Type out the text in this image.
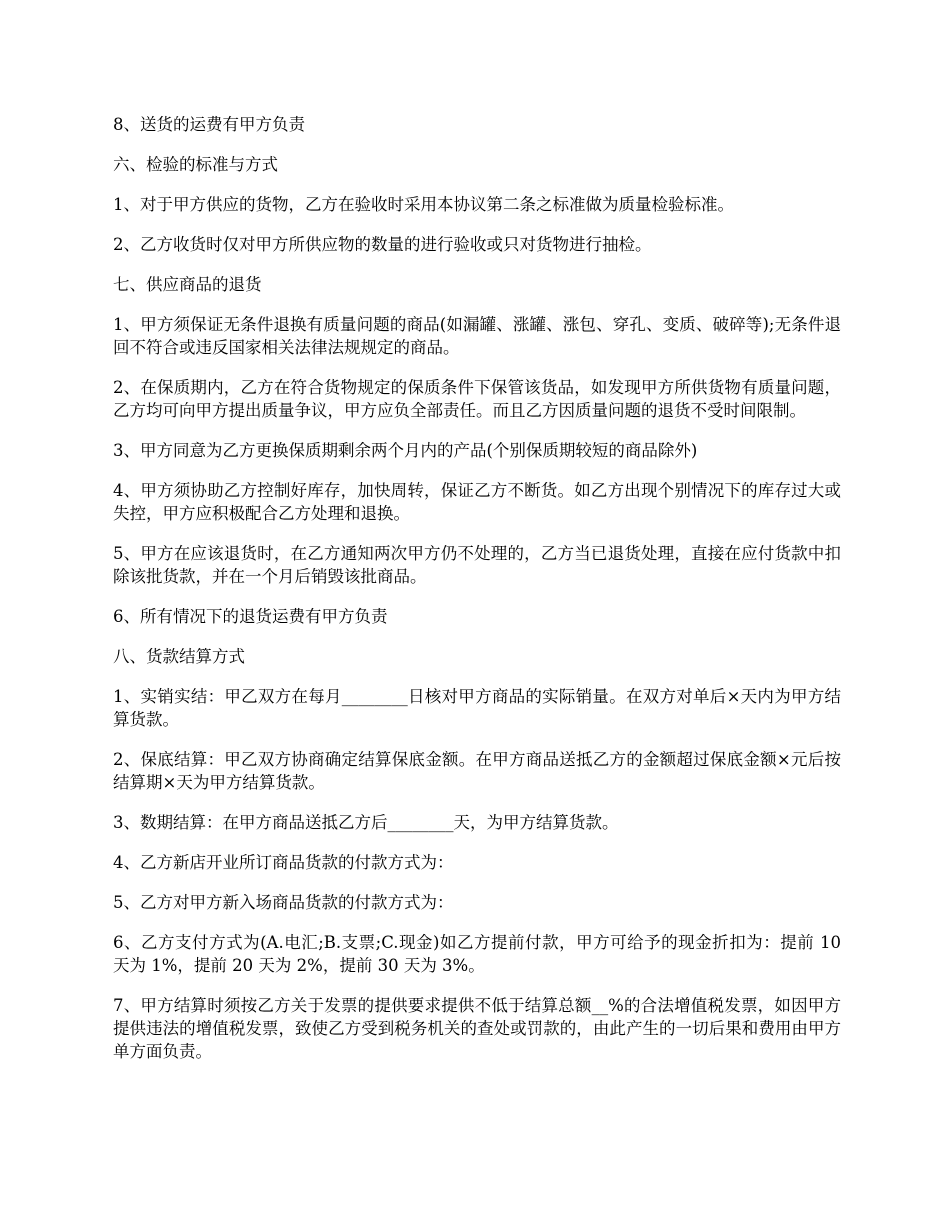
8、送货的运费有甲方负责

六、检验的标准与方式

1、对于甲方供应的货物，乙方在验收时采用本协议第二条之标准做为质量检验标准。

2、乙方收货时仅对甲方所供应物的数量的进行验收或只对货物进行抽检。

七、供应商品的退货

1、甲方须保证无条件退换有质量问题的商品(如漏罐、涨罐、涨包、穿孔、变质、破碎等);无条件退回不符合或违反国家相关法律法规规定的商品。

2、在保质期内，乙方在符合货物规定的保质条件下保管该货品，如发现甲方所供货物有质量问题，乙方均可向甲方提出质量争议，甲方应负全部责任。而且乙方因质量问题的退货不受时间限制。

3、甲方同意为乙方更换保质期剩余两个月内的产品(个别保质期较短的商品除外)

4、甲方须协助乙方控制好库存，加快周转，保证乙方不断货。如乙方出现个别情况下的库存过大或失控，甲方应积极配合乙方处理和退换。

5、甲方在应该退货时，在乙方通知两次甲方仍不处理的，乙方当已退货处理，直接在应付货款中扣除该批货款，并在一个月后销毁该批商品。

6、所有情况下的退货运费有甲方负责

八、货款结算方式

1、实销实结：甲乙双方在每月________日核对甲方商品的实际销量。在双方对单后×天内为甲方结算货款。

2、保底结算：甲乙双方协商确定结算保底金额。在甲方商品送抵乙方的金额超过保底金额×元后按结算期×天为甲方结算货款。

3、数期结算：在甲方商品送抵乙方后________天，为甲方结算货款。

4、乙方新店开业所订商品货款的付款方式为：

5、乙方对甲方新入场商品货款的付款方式为：

6、乙方支付方式为(A.电汇;B.支票;C.现金)如乙方提前付款，甲方可给予的现金折扣为：提前 10 天为 1%，提前 20 天为 2%，提前 30 天为 3%。

7、甲方结算时须按乙方关于发票的提供要求提供不低于结算总额__%的合法增值税发票，如因甲方提供违法的增值税发票，致使乙方受到税务机关的查处或罚款的，由此产生的一切后果和费用由甲方单方面负责。
